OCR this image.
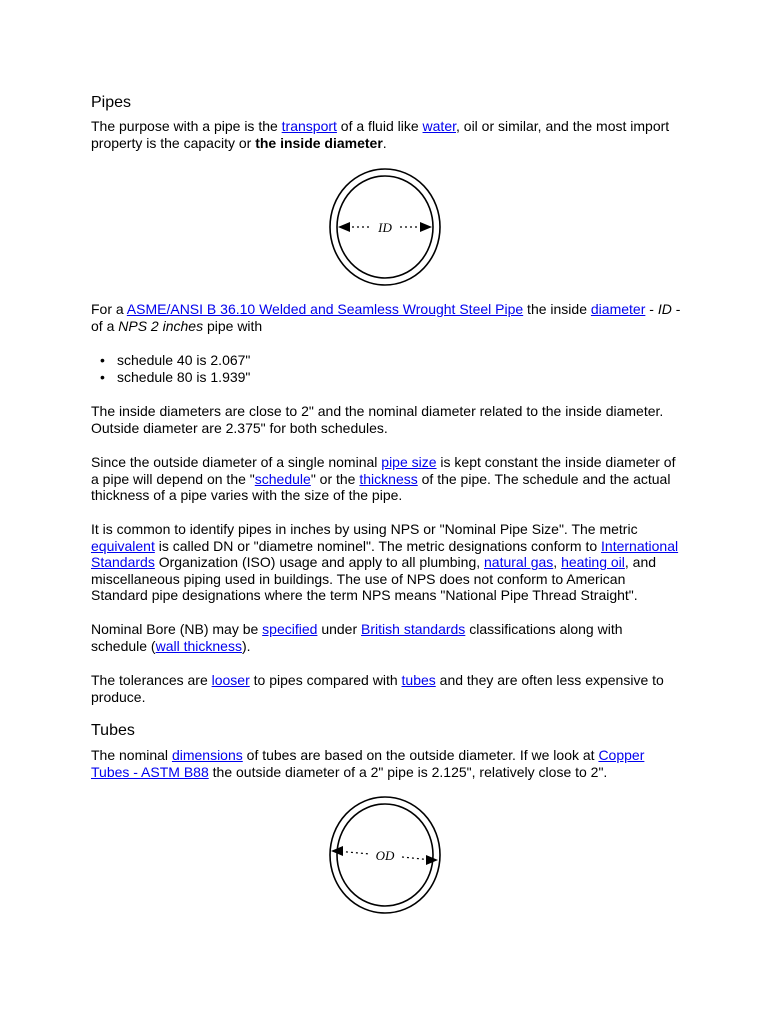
Pipes

The purpose with a pipe is the transport of a fluid like water, oil or similar, and the most import property is the capacity or the inside diameter.

ID

For a ASME/ANSI B 36.10 Welded and Seamless Wrought Steel Pipe the inside diameter - ID - of a NPS 2 inches pipe with

• schedule 40 is 2.067"
• schedule 80 is 1.939"

The inside diameters are close to 2" and the nominal diameter related to the inside diameter. Outside diameter are 2.375" for both schedules.

Since the outside diameter of a single nominal pipe size is kept constant the inside diameter of a pipe will depend on the "schedule" or the thickness of the pipe. The schedule and the actual thickness of a pipe varies with the size of the pipe.

It is common to identify pipes in inches by using NPS or "Nominal Pipe Size". The metric equivalent is called DN or "diametre nominel". The metric designations conform to International Standards Organization (ISO) usage and apply to all plumbing, natural gas, heating oil, and miscellaneous piping used in buildings. The use of NPS does not conform to American Standard pipe designations where the term NPS means "National Pipe Thread Straight".

Nominal Bore (NB) may be specified under British standards classifications along with schedule (wall thickness).

The tolerances are looser to pipes compared with tubes and they are often less expensive to produce.

Tubes

The nominal dimensions of tubes are based on the outside diameter. If we look at Copper Tubes - ASTM B88 the outside diameter of a 2" pipe is 2.125", relatively close to 2".

OD
